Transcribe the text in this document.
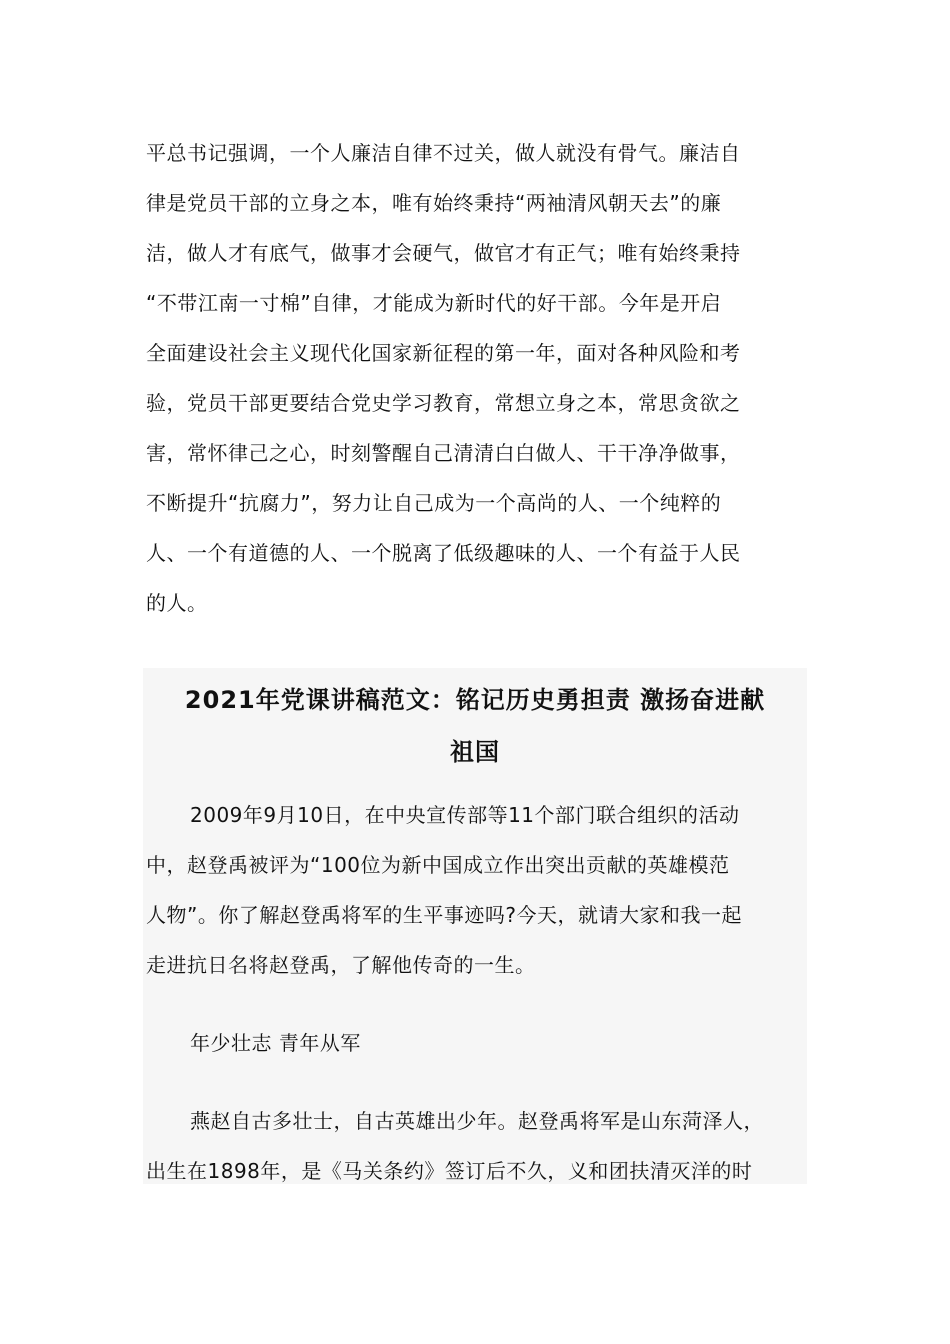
平总书记强调，一个人廉洁自律不过关，做人就没有骨气。廉洁自
律是党员干部的立身之本，唯有始终秉持“两袖清风朝天去”的廉
洁，做人才有底气，做事才会硬气，做官才有正气；唯有始终秉持
“不带江南一寸棉”自律，才能成为新时代的好干部。今年是开启
全面建设社会主义现代化国家新征程的第一年，面对各种风险和考
验，党员干部更要结合党史学习教育，常想立身之本，常思贪欲之
害，常怀律己之心，时刻警醒自己清清白白做人、干干净净做事，
不断提升“抗腐力”，努力让自己成为一个高尚的人、一个纯粹的
人、一个有道德的人、一个脱离了低级趣味的人、一个有益于人民
的人。
2021年党课讲稿范文：铭记历史勇担责 激扬奋进献
祖国
2009年9月10日，在中央宣传部等11个部门联合组织的活动
中，赵登禹被评为“100位为新中国成立作出突出贡献的英雄模范
人物”。你了解赵登禹将军的生平事迹吗?今天，就请大家和我一起
走进抗日名将赵登禹，了解他传奇的一生。
年少壮志 青年从军
燕赵自古多壮士，自古英雄出少年。赵登禹将军是山东菏泽人，
出生在1898年，是《马关条约》签订后不久，义和团扶清灭洋的时
